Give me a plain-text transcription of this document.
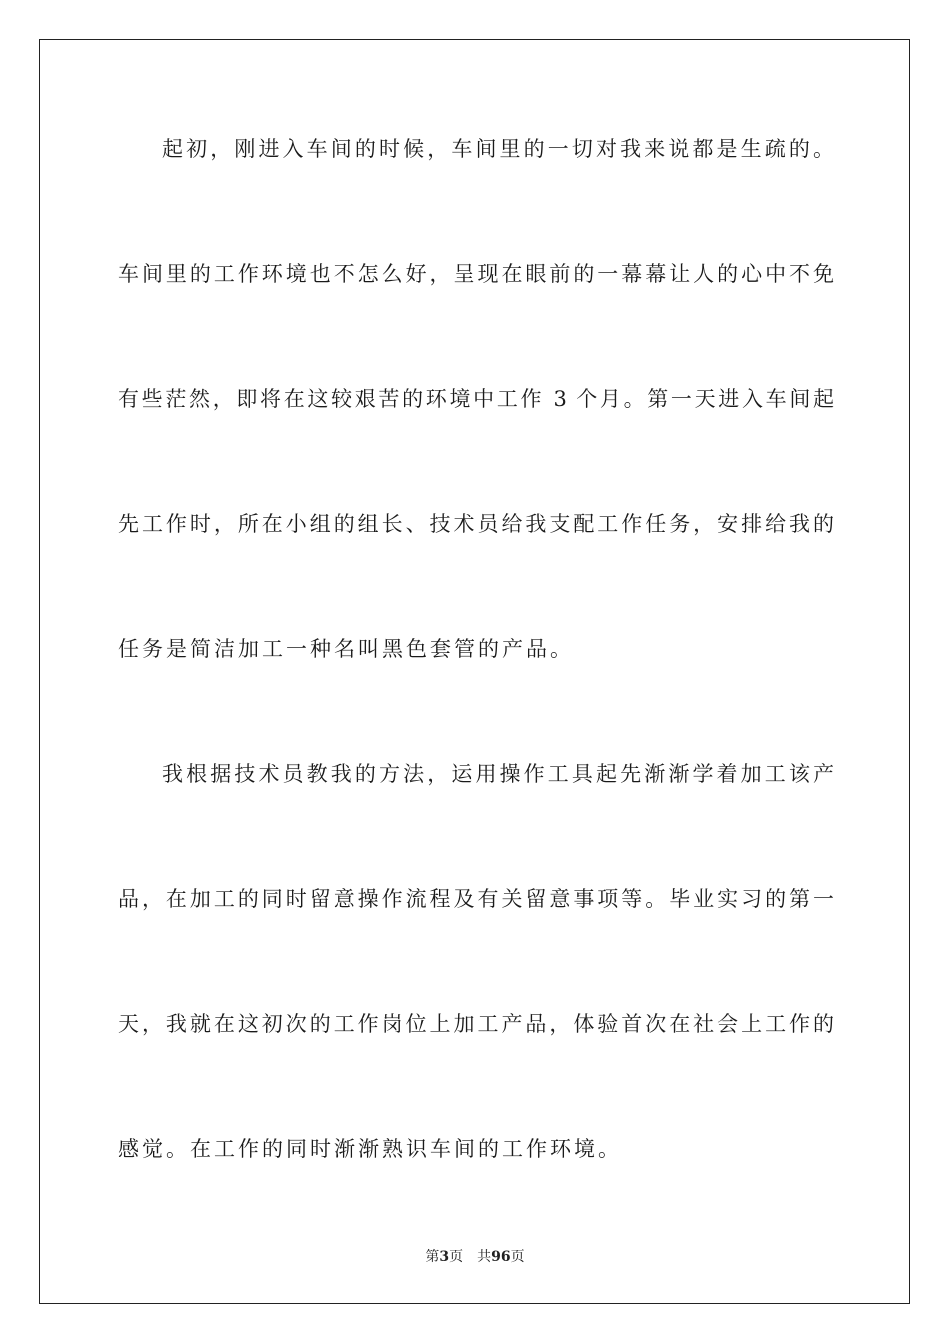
起初，刚进入车间的时候，车间里的一切对我来说都是生疏的。
车间里的工作环境也不怎么好，呈现在眼前的一幕幕让人的心中不免
有些茫然，即将在这较艰苦的环境中工作 3 个月。第一天进入车间起
先工作时，所在小组的组长、技术员给我支配工作任务，安排给我的
任务是简洁加工一种名叫黑色套管的产品。
我根据技术员教我的方法，运用操作工具起先渐渐学着加工该产
品，在加工的同时留意操作流程及有关留意事项等。毕业实习的第一
天，我就在这初次的工作岗位上加工产品，体验首次在社会上工作的
感觉。在工作的同时渐渐熟识车间的工作环境。
第3页 共96页
